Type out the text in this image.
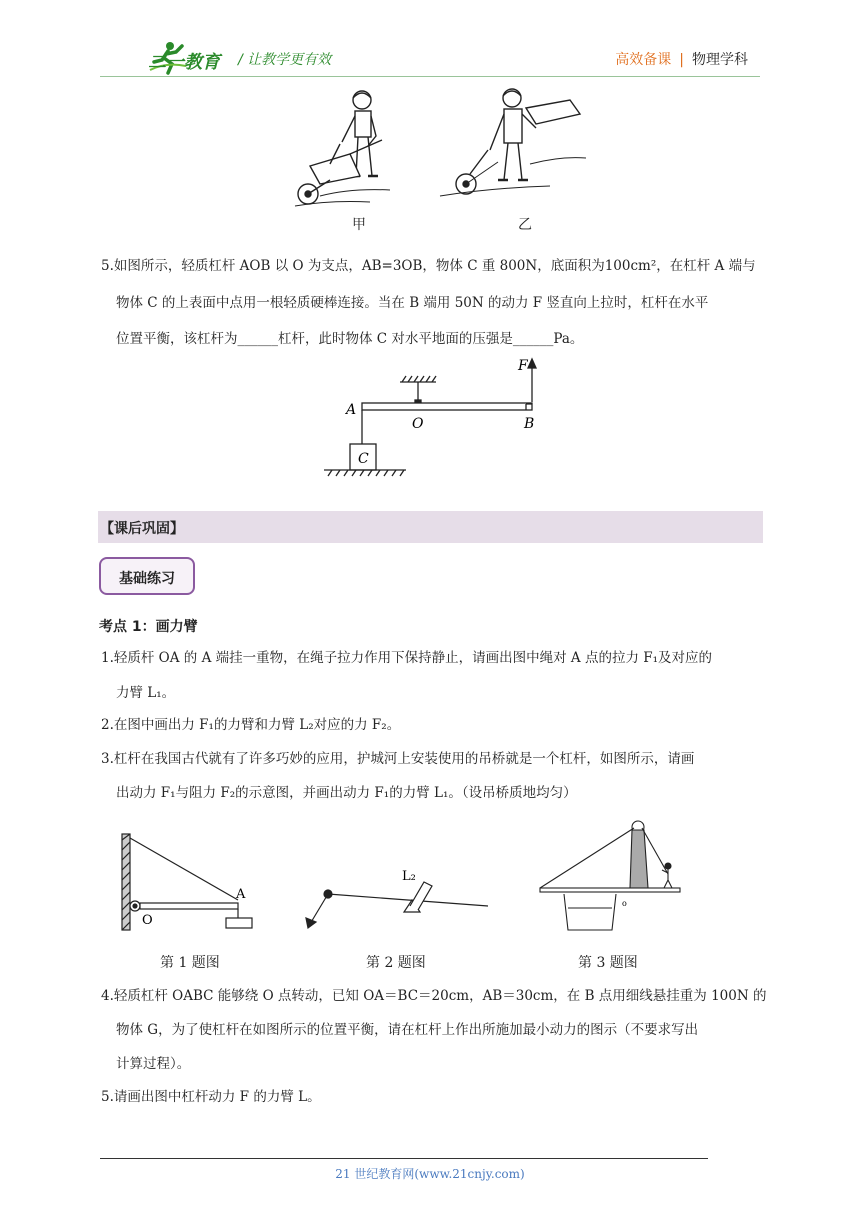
二一教育 / 让教学更有效	高效备课 | 物理学科
甲	乙
5.如图所示，轻质杠杆 AOB 以 O 为支点，AB=3OB，物体 C 重 800N，底面积为100cm²，在杠杆 A 端与
物体 C 的上表面中点用一根轻质硬棒连接。当在 B 端用 50N 的动力 F 竖直向上拉时，杠杆在水平
位置平衡，该杠杆为______杠杆，此时物体 C 对水平地面的压强是______Pa。
F
A
O	B
C
【课后巩固】
基础练习
考点 1：画力臂
1.轻质杆 OA 的 A 端挂一重物，在绳子拉力作用下保持静止，请画出图中绳对 A 点的拉力 F₁及对应的
力臂 L₁。
2.在图中画出力 F₁的力臂和力臂 L₂对应的力 F₂。
3.杠杆在我国古代就有了许多巧妙的应用，护城河上安装使用的吊桥就是一个杠杆，如图所示，请画
出动力 F₁与阻力 F₂的示意图，并画出动力 F₁的力臂 L₁。（设吊桥质地均匀）
A
O
L₂
o
第 1 题图	第 2 题图	第 3 题图
4.轻质杠杆 OABC 能够绕 O 点转动，已知 OA＝BC＝20cm，AB＝30cm，在 B 点用细线悬挂重为 100N 的
物体 G，为了使杠杆在如图所示的位置平衡，请在杠杆上作出所施加最小动力的图示（不要求写出
计算过程）。
5.请画出图中杠杆动力 F 的力臂 L。
21 世纪教育网(www.21cnjy.com)
